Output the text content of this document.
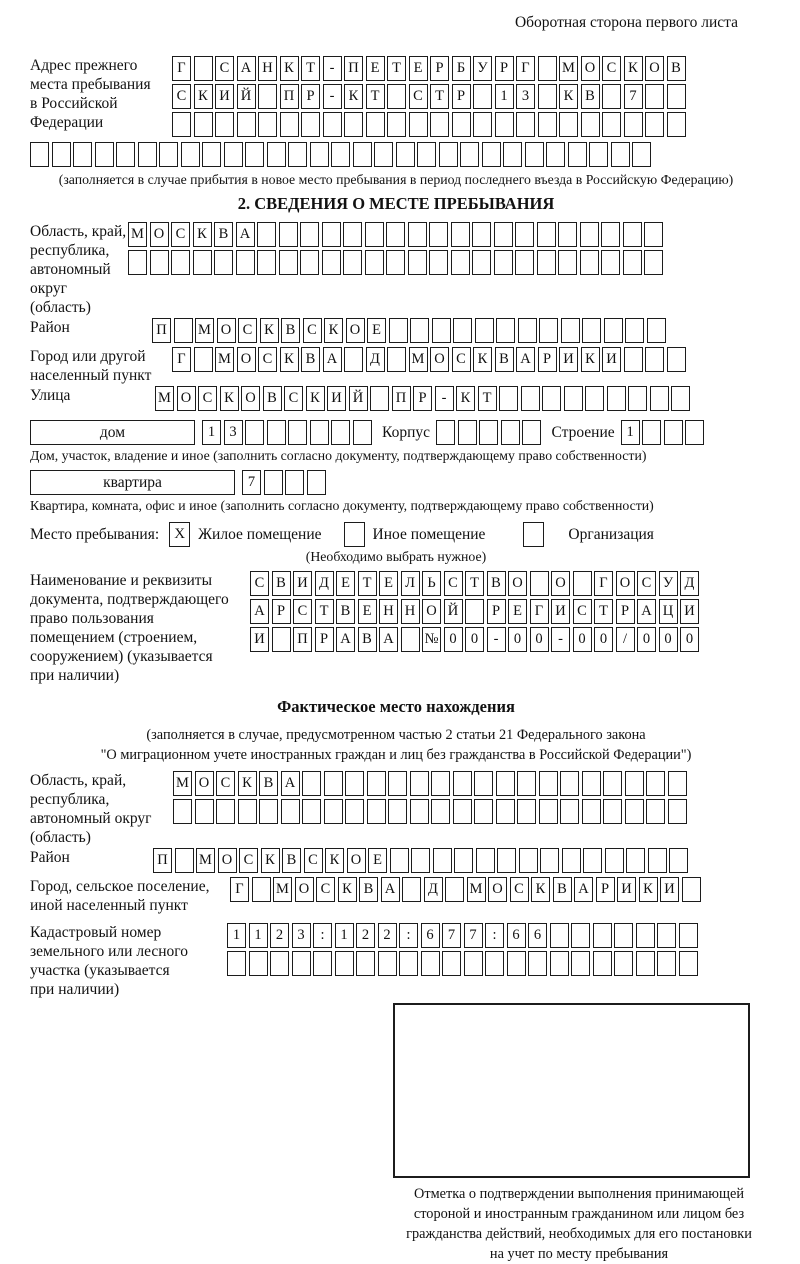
Оборотная сторона первого листа
Адрес прежнего
места пребывания
в Российской
Федерации
Г	С А Н К Т	- П Е Т Е Р Б У Р Г	М О С К О В
С К И Й П Р	- К Т	С Т Р	1 3	К В	7
(заполняется в случае прибытия в новое место пребывания в период последнего въезда в Российскую Федерацию)
2. СВЕДЕНИЯ О МЕСТЕ ПРЕБЫВАНИЯ
Область, край,
республика,
автономный
округ (область)
М О С К В А
Район	П М О С К В С К О Е
Город или другой
населенный пункт
Г	М О С К В А	Д	М О С К В А Р И К И
Улица	М О С К О В С К И Й П Р	- К Т
дом	1 3	Корпус	Строение 1
Дом, участок, владение и иное (заполнить согласно документу, подтверждающему право собственности)
квартира	7
Квартира, комната, офис и иное (заполнить согласно документу, подтверждающему право собственности)
Место пребывания:	X Жилое помещение	Иное помещение	Организация
(Необходимо выбрать нужное)
Наименование и реквизиты
документа, подтверждающего
право пользования
помещением (строением,
сооружением) (указывается
при наличии)
С В И Д Е Т Е Л Ь С Т В О О	Г О С У Д
А Р С Т В Е Н Н О Й	Р Е Г И С Т Р А Ц И
И П Р А В А № 0 0	-	0 0	-	0 0	/	0 0 0
Фактическое место нахождения
(заполняется в случае, предусмотренном частью 2 статьи 21 Федерального закона
"О миграционном учете иностранных граждан и лиц без гражданства в Российской Федерации")
Область, край,
республика,
автономный округ
(область)
М О С К В А
Район	П М О С К В С К О Е
Город, сельское поселение,
иной населенный пункт
Г	М О С К В А	Д	М О С К В А Р И К И
Кадастровый номер
земельного или лесного
участка (указывается
при наличии)
1 1 2 3	:	1 2 2	:	6 7 7	:	6 6
Отметка о подтверждении выполнения принимающей
стороной и иностранным гражданином или лицом без
гражданства действий, необходимых для его постановки
на учет по месту пребывания
